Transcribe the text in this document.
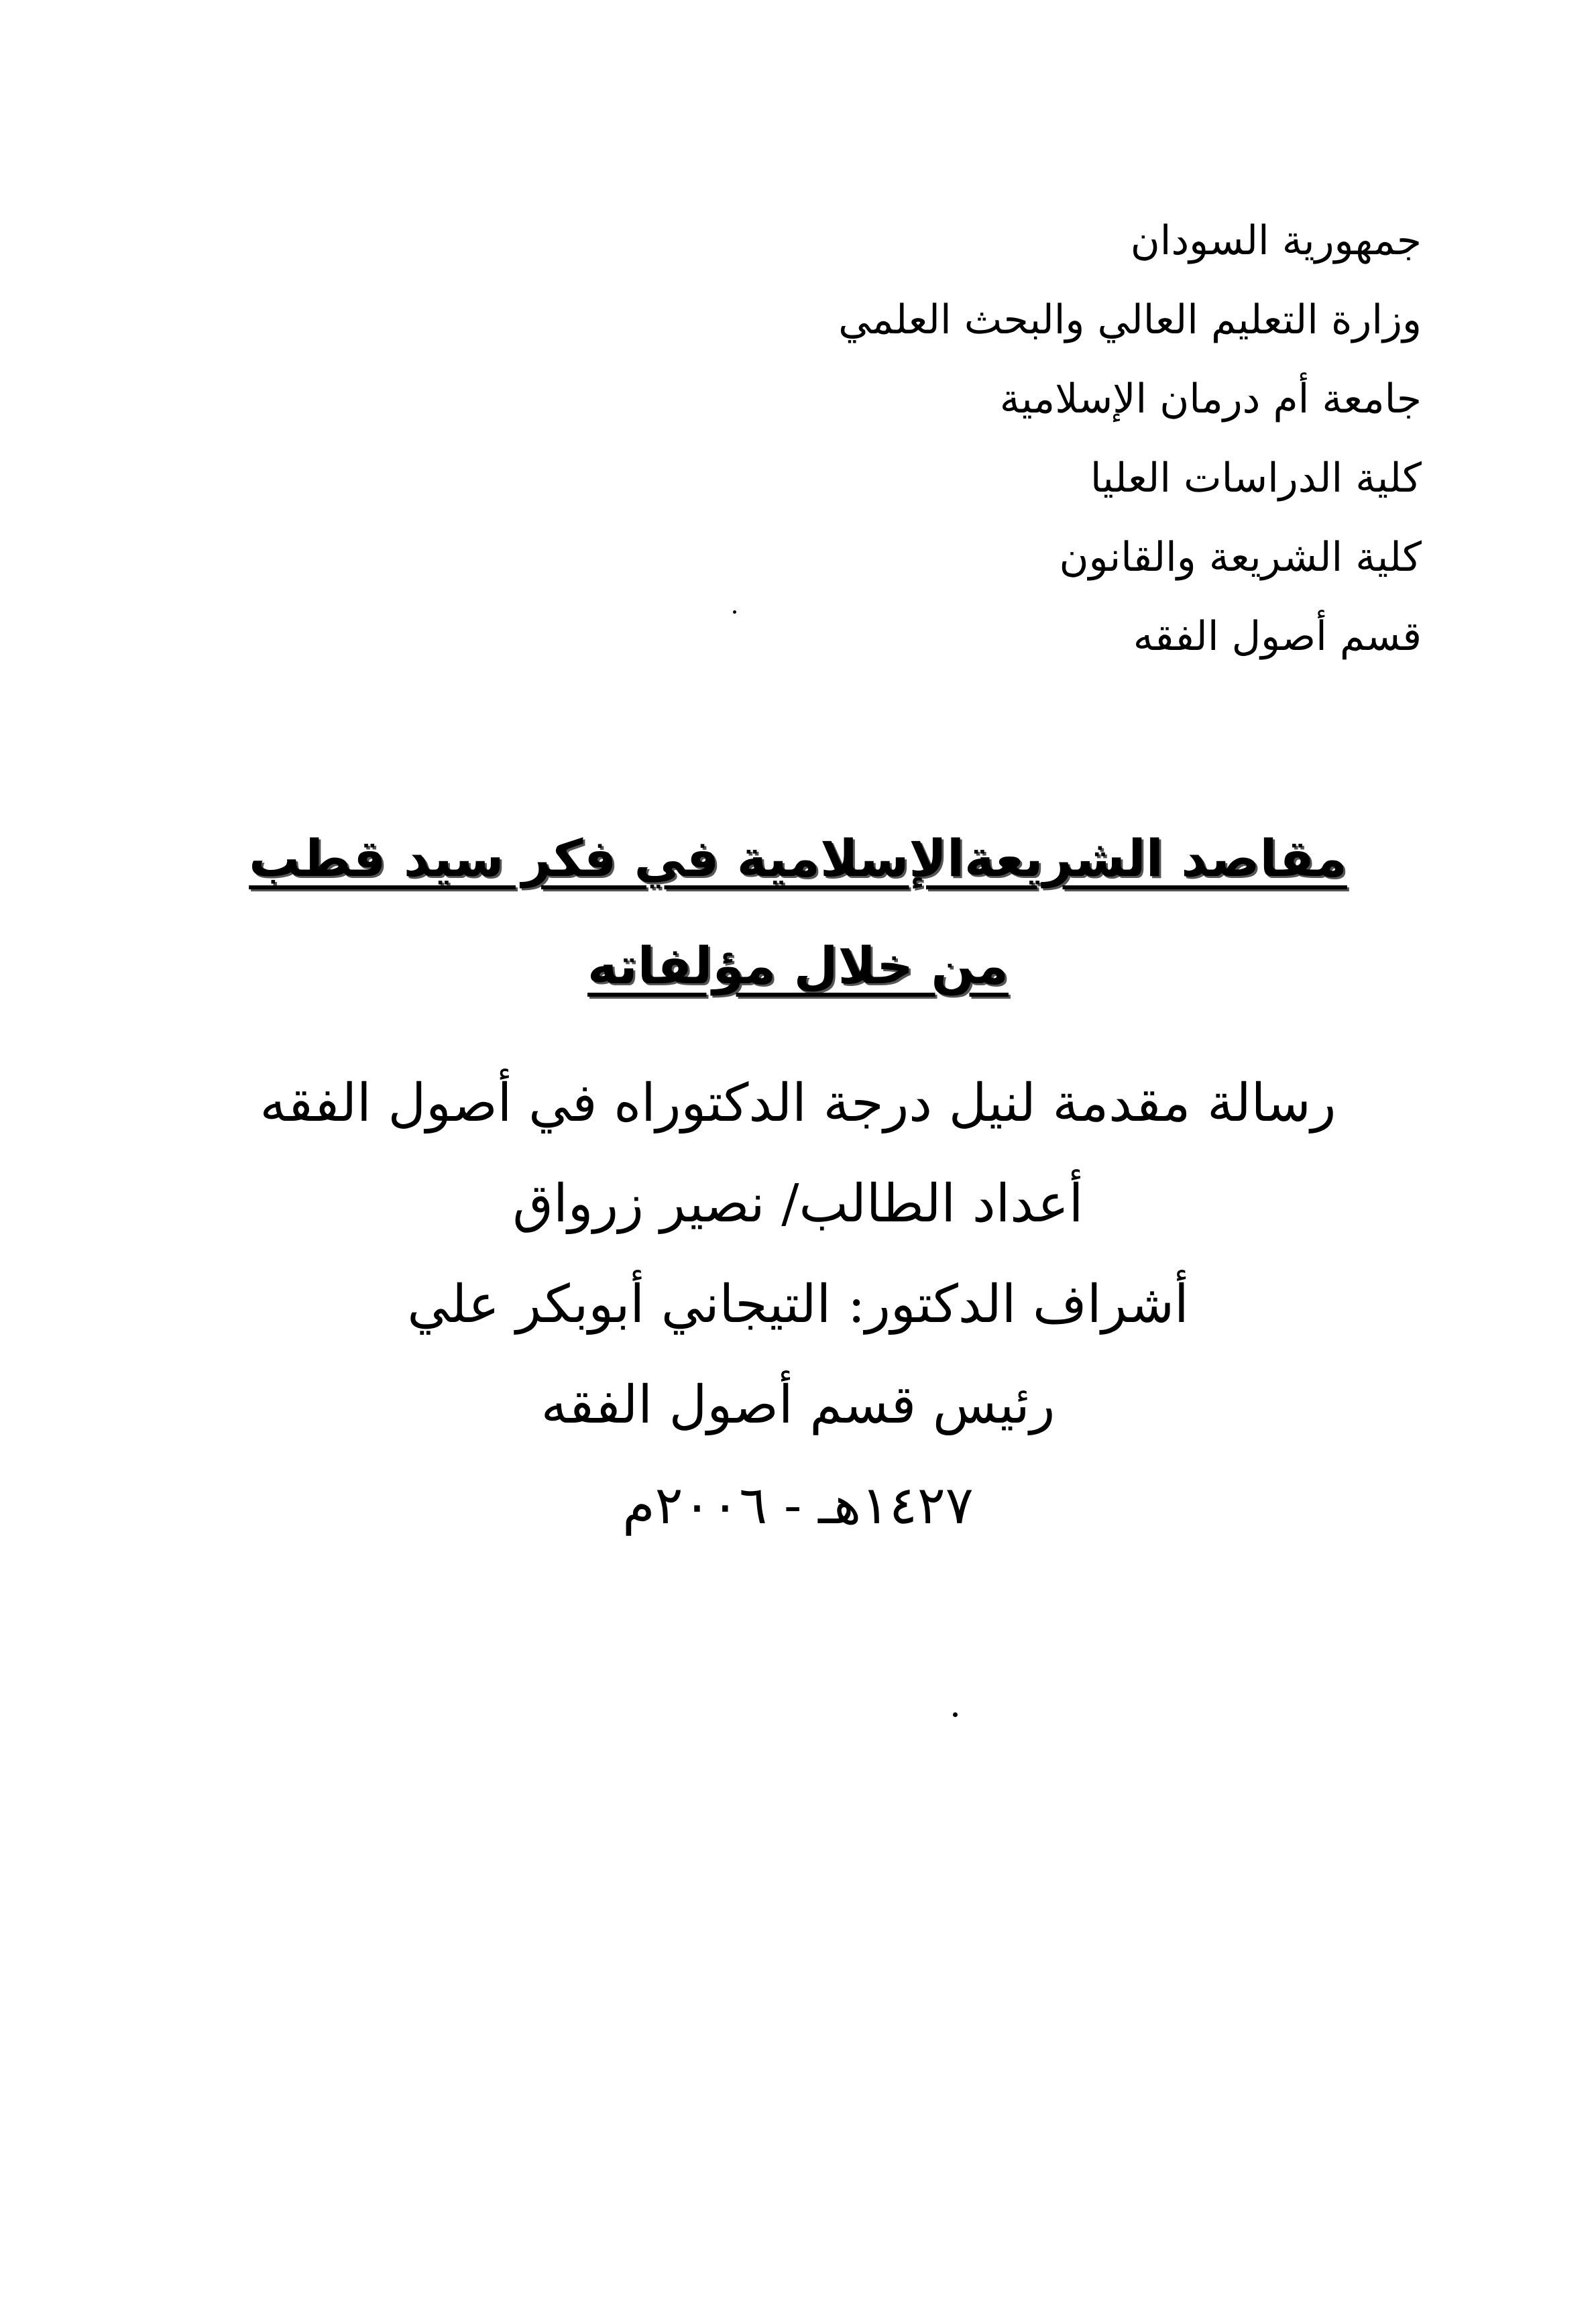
جمهورية السودان
وزارة التعليم العالي والبحث العلمي
جامعة أم درمان الإسلامية
كلية الدراسات العليا
كلية الشريعة والقانون
قسم أصول الفقه
مقاصد الشريعةالإسلامية في فكر سيد قطب
من خلال مؤلفاته
رسالة مقدمة لنيل درجة الدكتوراه في أصول الفقه
أعداد الطالب/ نصير زرواق
أشراف الدكتور: التيجاني أبوبكر علي
رئيس قسم أصول الفقه
١٤٢٧هـ - ٢٠٠٦م
